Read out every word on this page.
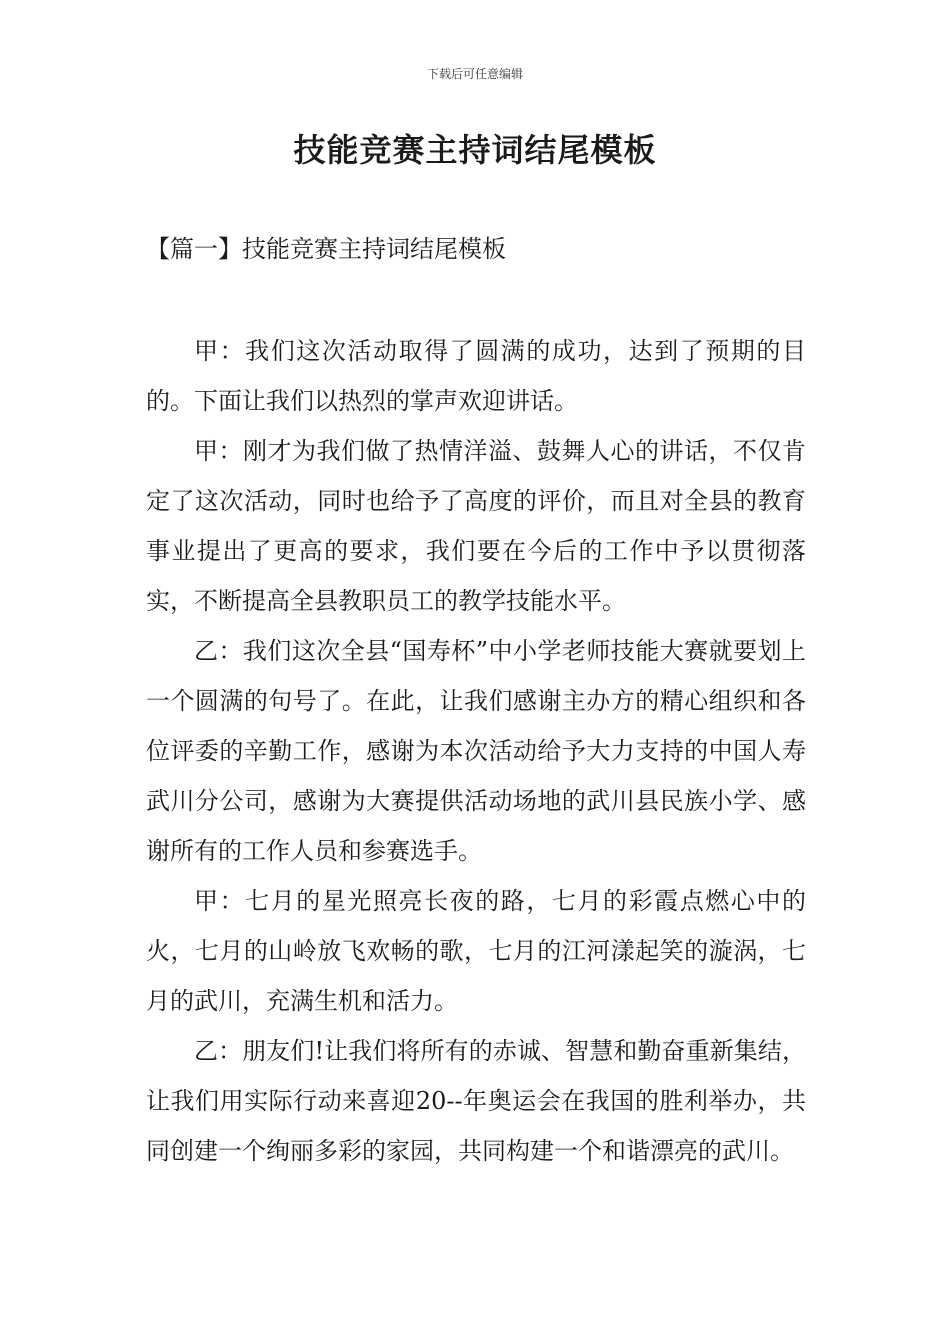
下载后可任意编辑
技能竞赛主持词结尾模板
【篇一】技能竞赛主持词结尾模板

甲：我们这次活动取得了圆满的成功，达到了预期的目的。下面让我们以热烈的掌声欢迎讲话。

甲：刚才为我们做了热情洋溢、鼓舞人心的讲话，不仅肯定了这次活动，同时也给予了高度的评价，而且对全县的教育事业提出了更高的要求，我们要在今后的工作中予以贯彻落实，不断提高全县教职员工的教学技能水平。

乙：我们这次全县“国寿杯”中小学老师技能大赛就要划上一个圆满的句号了。在此，让我们感谢主办方的精心组织和各位评委的辛勤工作，感谢为本次活动给予大力支持的中国人寿武川分公司，感谢为大赛提供活动场地的武川县民族小学、感谢所有的工作人员和参赛选手。

甲：七月的星光照亮长夜的路，七月的彩霞点燃心中的火，七月的山岭放飞欢畅的歌，七月的江河漾起笑的漩涡，七月的武川，充满生机和活力。

乙：朋友们!让我们将所有的赤诚、智慧和勤奋重新集结，让我们用实际行动来喜迎20--年奥运会在我国的胜利举办，共同创建一个绚丽多彩的家园，共同构建一个和谐漂亮的武川。
